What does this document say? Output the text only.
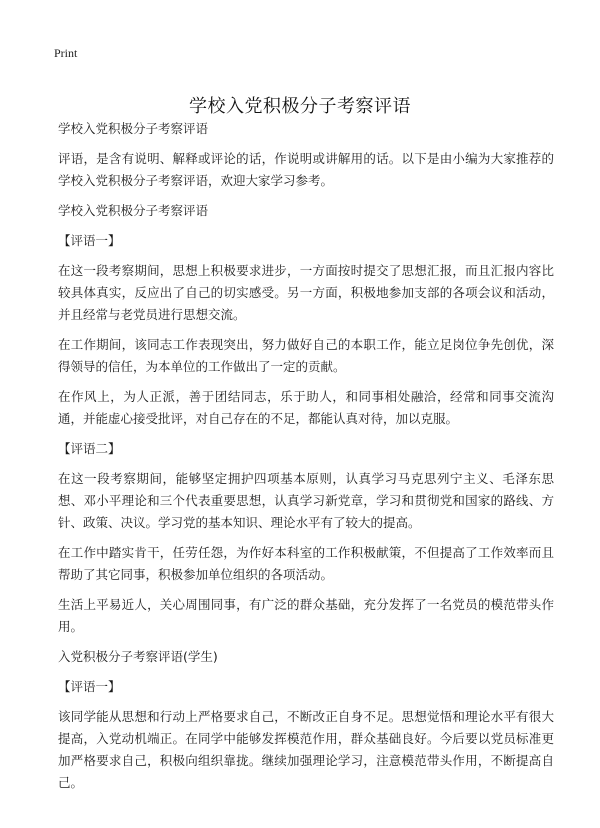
Print
学校入党积极分子考察评语

学校入党积极分子考察评语

评语，是含有说明、解释或评论的话，作说明或讲解用的话。以下是由小编为大家推荐的学校入党积极分子考察评语，欢迎大家学习参考。

学校入党积极分子考察评语

【评语一】

在这一段考察期间，思想上积极要求进步，一方面按时提交了思想汇报，而且汇报内容比较具体真实，反应出了自己的切实感受。另一方面，积极地参加支部的各项会议和活动，并且经常与老党员进行思想交流。

在工作期间，该同志工作表现突出，努力做好自己的本职工作，能立足岗位争先创优，深得领导的信任，为本单位的工作做出了一定的贡献。

在作风上，为人正派，善于团结同志，乐于助人，和同事相处融洽，经常和同事交流沟通，并能虚心接受批评，对自己存在的不足，都能认真对待，加以克服。

【评语二】

在这一段考察期间，能够坚定拥护四项基本原则，认真学习马克思列宁主义、毛泽东思想、邓小平理论和三个代表重要思想，认真学习新党章，学习和贯彻党和国家的路线、方针、政策、决议。学习党的基本知识、理论水平有了较大的提高。

在工作中踏实肯干，任劳任怨，为作好本科室的工作积极献策，不但提高了工作效率而且帮助了其它同事，积极参加单位组织的各项活动。

生活上平易近人，关心周围同事，有广泛的群众基础，充分发挥了一名党员的模范带头作用。

入党积极分子考察评语(学生)

【评语一】

该同学能从思想和行动上严格要求自己，不断改正自身不足。思想觉悟和理论水平有很大提高，入党动机端正。在同学中能够发挥模范作用，群众基础良好。今后要以党员标准更加严格要求自己，积极向组织靠拢。继续加强理论学习，注意模范带头作用，不断提高自己。
